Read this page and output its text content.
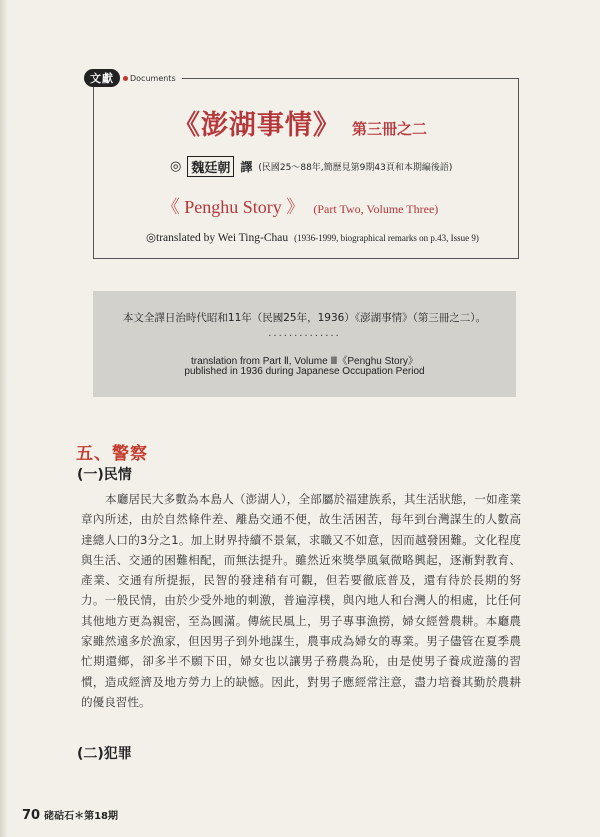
文獻	Documents
《澎湖事情》 第三冊之二
◎ 魏廷朝 譯 (民國25～88年,簡歷見第9期43頁和本期編後語)
《 Penghu Story 》 (Part Two, Volume Three)
◎translated by Wei Ting-Chau (1936-1999, biographical remarks on p.43, Issue 9)
本文全譯日治時代昭和11年（民國25年，1936）《澎湖事情》（第三冊之二）。
..............
translation from Part Ⅱ, Volume Ⅲ《Penghu Story》
published in 1936 during Japanese Occupation Period
五、警察
(一)民情

本廳居民大多數為本島人（澎湖人），全部屬於福建族系，其生活狀態，一如產業章內所述，由於自然條件差、離島交通不便，故生活困苦，每年到台灣謀生的人數高達總人口的3分之1。加上財界持續不景氣，求職又不如意，因而越發困難。文化程度與生活、交通的困難相配，而無法提升。雖然近來獎學風氣微略興起，逐漸對教育、產業、交通有所提振，民智的發達稍有可觀，但若要徹底普及，還有待於長期的努力。一般民情，由於少受外地的刺激，普遍淳樸，與內地人和台灣人的相處，比任何其他地方更為親密，至為圓滿。傳統民風上，男子專事漁撈，婦女經營農耕。本廳農家雖然遠多於漁家，但因男子到外地謀生，農事成為婦女的專業。男子儘管在夏季農忙期還鄉，卻多半不願下田，婦女也以讓男子務農為恥，由是使男子養成遊蕩的習慣，造成經濟及地方勞力上的缺憾。因此，對男子應經常注意，盡力培養其勤於農耕的優良習性。

(二)犯罪
70 硓𥑮石＊第18期
